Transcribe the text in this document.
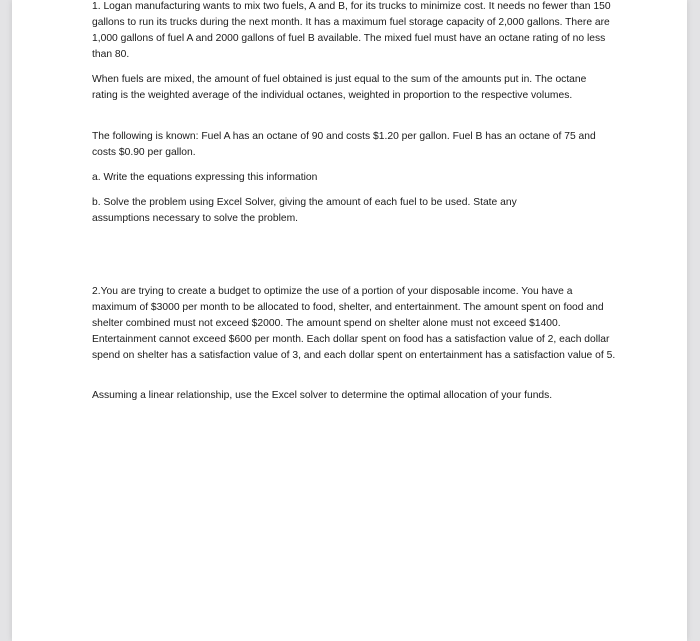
1. Logan manufacturing wants to mix two fuels, A and B, for its trucks to minimize cost. It needs no fewer than 150 gallons to run its trucks during the next month. It has a maximum fuel storage capacity of 2,000 gallons. There are 1,000 gallons of fuel A and 2000 gallons of fuel B available. The mixed fuel must have an octane rating of no less than 80.

When fuels are mixed, the amount of fuel obtained is just equal to the sum of the amounts put in. The octane rating is the weighted average of the individual octanes, weighted in proportion to the respective volumes.

The following is known: Fuel A has an octane of 90 and costs $1.20 per gallon. Fuel B has an octane of 75 and costs $0.90 per gallon.

a. Write the equations expressing this information

b. Solve the problem using Excel Solver, giving the amount of each fuel to be used. State any assumptions necessary to solve the problem.

2.You are trying to create a budget to optimize the use of a portion of your disposable income. You have a maximum of $3000 per month to be allocated to food, shelter, and entertainment. The amount spent on food and shelter combined must not exceed $2000. The amount spend on shelter alone must not exceed $1400. Entertainment cannot exceed $600 per month. Each dollar spent on food has a satisfaction value of 2, each dollar spend on shelter has a satisfaction value of 3, and each dollar spent on entertainment has a satisfaction value of 5.

Assuming a linear relationship, use the Excel solver to determine the optimal allocation of your funds.
